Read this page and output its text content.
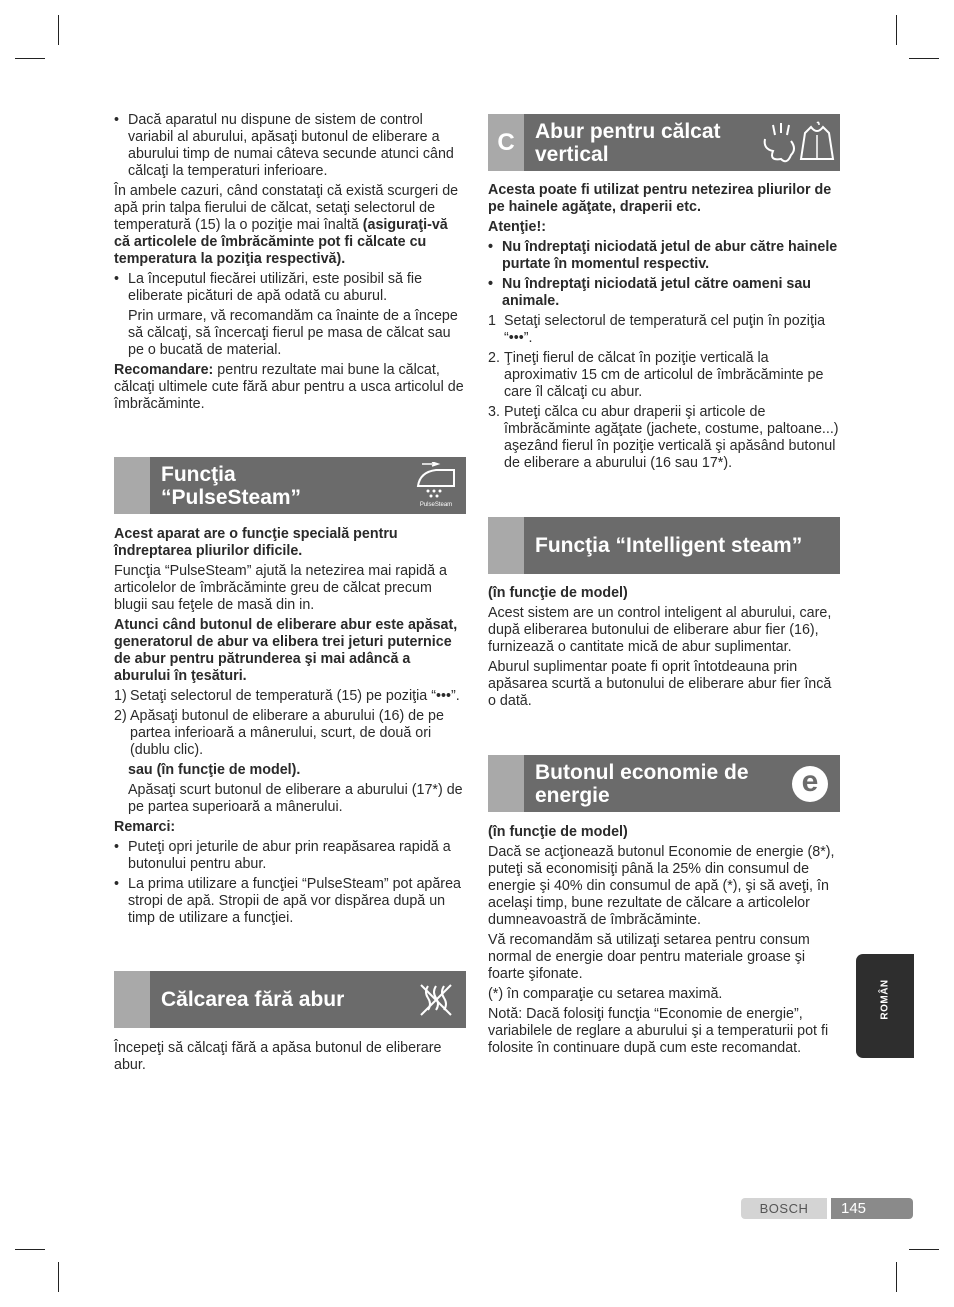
• Dacă aparatul nu dispune de sistem de control variabil al aburului, apăsaţi butonul de eliberare a aburului timp de numai câteva secunde atunci când călcaţi la temperaturi inferioare.

În ambele cazuri, când constataţi că există scurgeri de apă prin talpa fierului de călcat, setaţi selectorul de temperatură (15) la o poziţie mai înaltă (asiguraţi-vă că articolele de îmbrăcăminte pot fi călcate cu temperatura la poziţia respectivă).

• La începutul fiecărei utilizări, este posibil să fie eliberate picături de apă odată cu aburul.

Prin urmare, vă recomandăm ca înainte de a începe să călcaţi, să încercaţi fierul pe masa de călcat sau pe o bucată de material.

Recomandare: pentru rezultate mai bune la călcat, călcaţi ultimele cute fără abur pentru a usca articolul de îmbrăcăminte.

Funcţia
“PulseSteam”	PulseSteam

Acest aparat are o funcţie specială pentru îndreptarea pliurilor dificile.

Funcţia “PulseSteam” ajută la netezirea mai rapidă a articolelor de îmbrăcăminte greu de călcat precum blugii sau feţele de masă din in.

Atunci când butonul de eliberare abur este apăsat, generatorul de abur va elibera trei jeturi puternice de abur pentru pătrunderea şi mai adâncă a aburului în ţesături.

1) Setaţi selectorul de temperatură (15) pe poziţia “•••”.

2) Apăsaţi butonul de eliberare a aburului (16) de pe partea inferioară a mânerului, scurt, de două ori (dublu clic).

sau (în funcţie de model).

Apăsaţi scurt butonul de eliberare a aburului (17*) de pe partea superioară a mânerului.

Remarci:

• Puteţi opri jeturile de abur prin reapăsarea rapidă a butonului pentru abur.

• La prima utilizare a funcţiei “PulseSteam” pot apărea stropi de apă. Stropii de apă vor dispărea după un timp de utilizare a funcţiei.

Călcarea fără abur

Începeţi să călcaţi fără a apăsa butonul de eliberare abur.

C Abur pentru călcat
vertical

Acesta poate fi utilizat pentru netezirea pliurilor de pe hainele agăţate, draperii etc.

Atenţie!:

• Nu îndreptaţi niciodată jetul de abur către hainele purtate în momentul respectiv.

• Nu îndreptaţi niciodată jetul către oameni sau animale.

1 Setaţi selectorul de temperatură cel puţin în poziţia “•••”.

2. Ţineţi fierul de călcat în poziţie verticală la aproximativ 15 cm de articolul de îmbrăcăminte pe care îl călcaţi cu abur.

3. Puteţi călca cu abur draperii şi articole de îmbrăcăminte agăţate (jachete, costume, paltoane...) aşezând fierul în poziţie verticală şi apăsând butonul de eliberare a aburului (16 sau 17*).

Funcţia “Intelligent steam”

(în funcţie de model)

Acest sistem are un control inteligent al aburului, care, după eliberarea butonului de eliberare abur fier (16), furnizează o cantitate mică de abur suplimentar.

Aburul suplimentar poate fi oprit întotdeauna prin apăsarea scurtă a butonului de eliberare abur fier încă o dată.

Butonul economie de
energie	e

(în funcţie de model)

Dacă se acţionează butonul Economie de energie (8*), puteţi să economisiţi până la 25% din consumul de energie şi 40% din consumul de apă (*), şi să aveţi, în acelaşi timp, bune rezultate de călcare a articolelor dumneavoastră de îmbrăcăminte.

Vă recomandăm să utilizaţi setarea pentru consum normal de energie doar pentru materiale groase şi foarte şifonate.

(*) în comparaţie cu setarea maximă.

Notă: Dacă folosiţi funcţia “Economie de energie”, variabilele de reglare a aburului şi a temperaturii pot fi folosite în continuare după cum este recomandat.

ROMÂN
BOSCH	145
